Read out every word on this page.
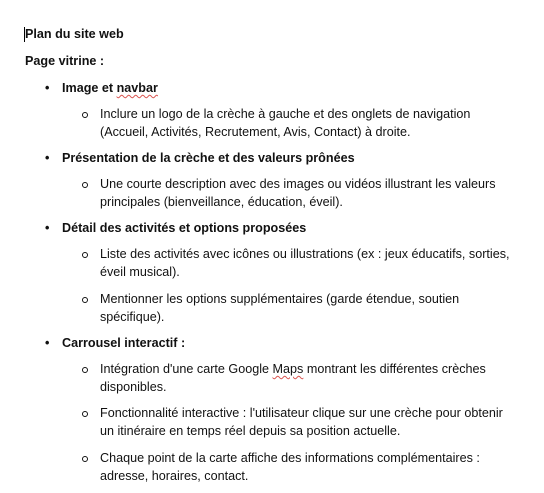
Plan du site web
Page vitrine :
• Image et navbar
Inclure un logo de la crèche à gauche et des onglets de navigation (Accueil, Activités, Recrutement, Avis, Contact) à droite.
• Présentation de la crèche et des valeurs prônées
Une courte description avec des images ou vidéos illustrant les valeurs principales (bienveillance, éducation, éveil).
• Détail des activités et options proposées
Liste des activités avec icônes ou illustrations (ex : jeux éducatifs, sorties, éveil musical).
Mentionner les options supplémentaires (garde étendue, soutien spécifique).
• Carrousel interactif :
Intégration d'une carte Google Maps montrant les différentes crèches disponibles.
Fonctionnalité interactive : l'utilisateur clique sur une crèche pour obtenir un itinéraire en temps réel depuis sa position actuelle.
Chaque point de la carte affiche des informations complémentaires : adresse, horaires, contact.
